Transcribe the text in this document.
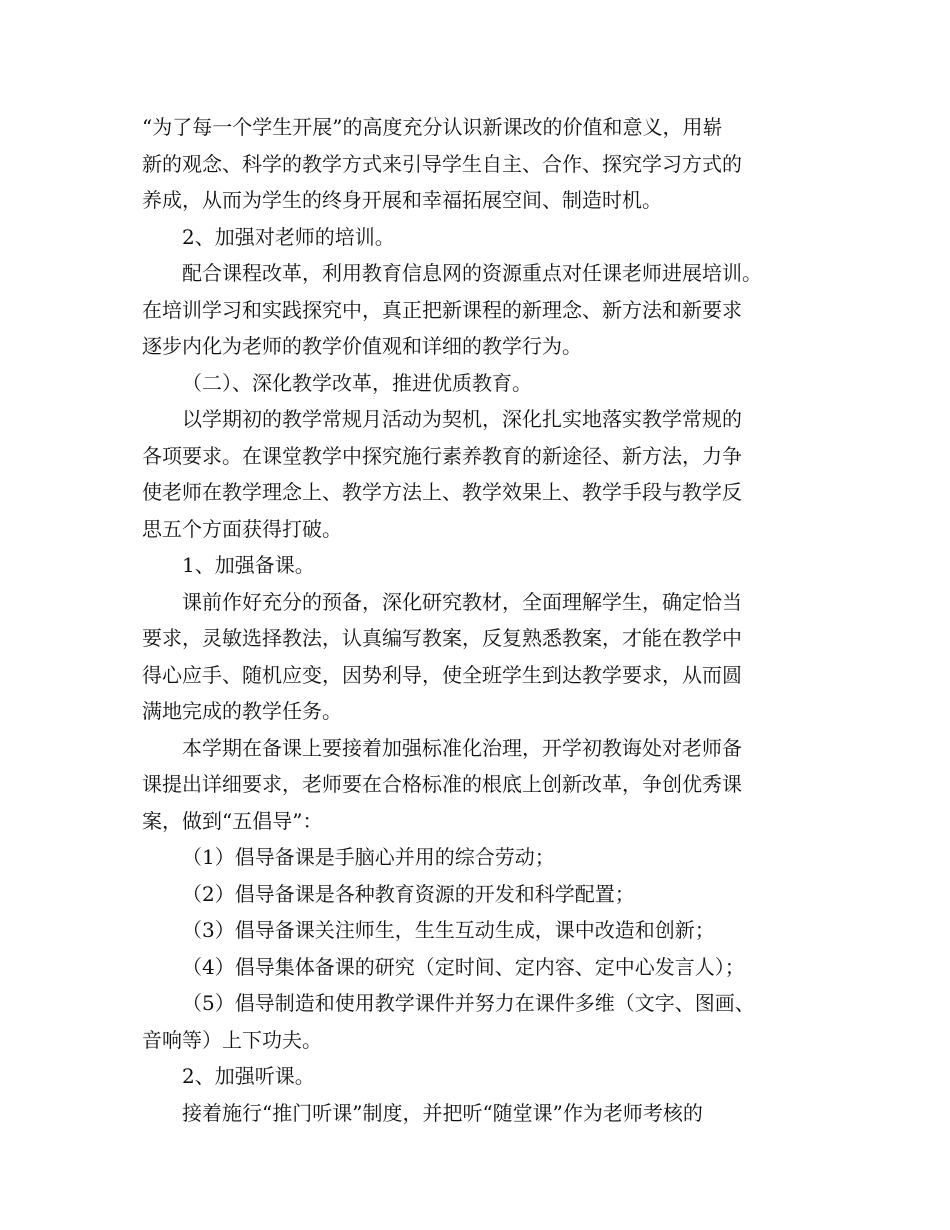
“为了每一个学生开展”的高度充分认识新课改的价值和意义，用崭
新的观念、科学的教学方式来引导学生自主、合作、探究学习方式的
养成，从而为学生的终身开展和幸福拓展空间、制造时机。
2、加强对老师的培训。
配合课程改革，利用教育信息网的资源重点对任课老师进展培训。
在培训学习和实践探究中，真正把新课程的新理念、新方法和新要求
逐步内化为老师的教学价值观和详细的教学行为。
（二）、深化教学改革，推进优质教育。
以学期初的教学常规月活动为契机，深化扎实地落实教学常规的
各项要求。在课堂教学中探究施行素养教育的新途径、新方法，力争
使老师在教学理念上、教学方法上、教学效果上、教学手段与教学反
思五个方面获得打破。
1、加强备课。
课前作好充分的预备，深化研究教材，全面理解学生，确定恰当
要求，灵敏选择教法，认真编写教案，反复熟悉教案，才能在教学中
得心应手、随机应变，因势利导，使全班学生到达教学要求，从而圆
满地完成的教学任务。
本学期在备课上要接着加强标准化治理，开学初教诲处对老师备
课提出详细要求，老师要在合格标准的根底上创新改革，争创优秀课
案，做到“五倡导”：
（1）倡导备课是手脑心并用的综合劳动；
（2）倡导备课是各种教育资源的开发和科学配置；
（3）倡导备课关注师生，生生互动生成，课中改造和创新；
（4）倡导集体备课的研究（定时间、定内容、定中心发言人）；
（5）倡导制造和使用教学课件并努力在课件多维（文字、图画、
音响等）上下功夫。
2、加强听课。
接着施行“推门听课”制度，并把听“随堂课”作为老师考核的
